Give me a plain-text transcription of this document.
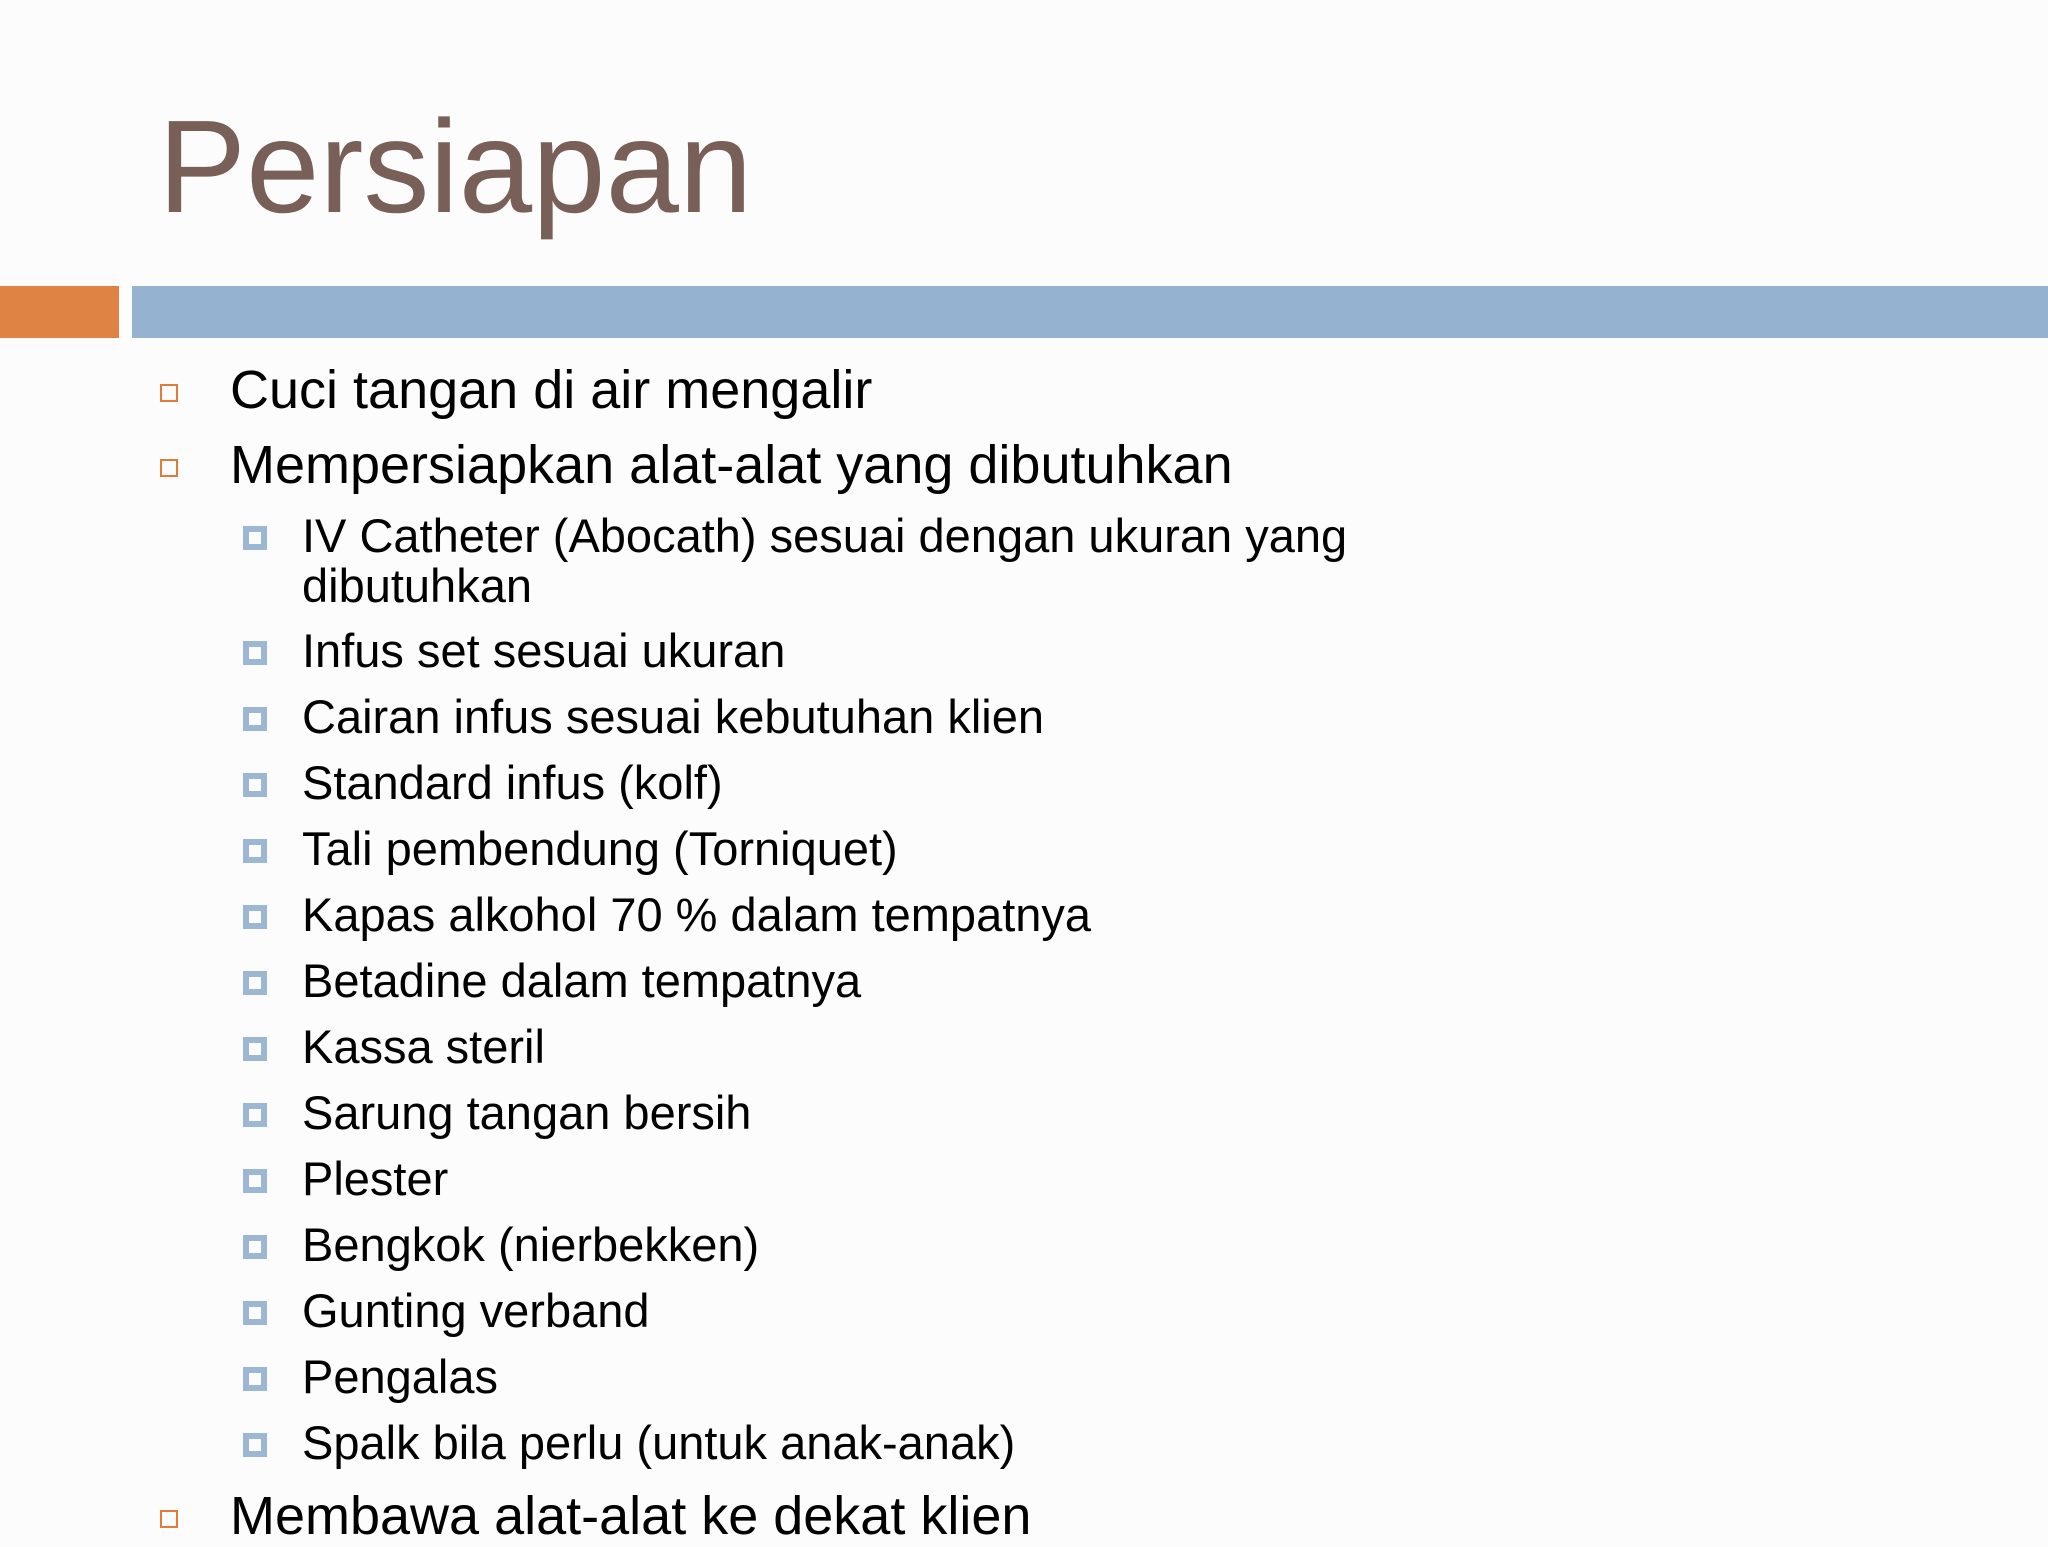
Persiapan
Cuci tangan di air mengalir
Mempersiapkan alat-alat yang dibutuhkan
IV Catheter (Abocath) sesuai dengan ukuran yang
dibutuhkan
Infus set sesuai ukuran
Cairan infus sesuai kebutuhan klien
Standard infus (kolf)
Tali pembendung (Torniquet)
Kapas alkohol 70 % dalam tempatnya
Betadine dalam tempatnya
Kassa steril
Sarung tangan bersih
Plester
Bengkok (nierbekken)
Gunting verband
Pengalas
Spalk bila perlu (untuk anak-anak)
Membawa alat-alat ke dekat klien
